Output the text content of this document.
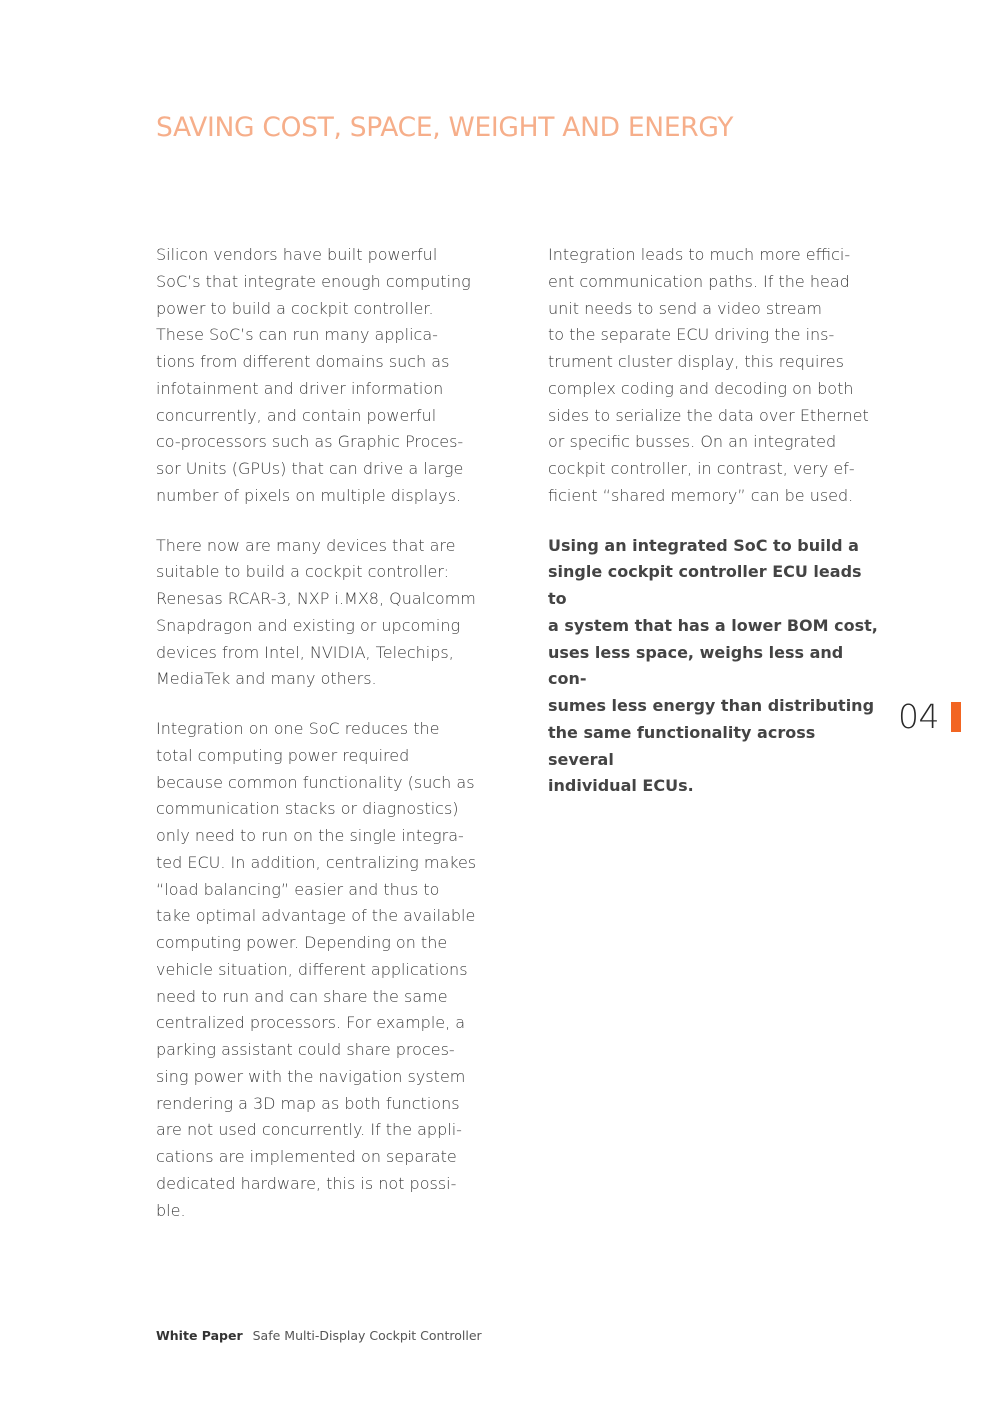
SAVING COST, SPACE, WEIGHT AND ENERGY

Silicon vendors have built powerful
SoC’s that integrate enough computing
power to build a cockpit controller.
These SoC’s can run many applica-
tions from different domains such as
infotainment and driver information
concurrently, and contain powerful
co-processors such as Graphic Proces-
sor Units (GPUs) that can drive a large
number of pixels on multiple displays.

There now are many devices that are
suitable to build a cockpit controller:
Renesas RCAR-3, NXP i.MX8, Qualcomm
Snapdragon and existing or upcoming
devices from Intel, NVIDIA, Telechips,
MediaTek and many others.

Integration on one SoC reduces the
total computing power required
because common functionality (such as
communication stacks or diagnostics)
only need to run on the single integra-
ted ECU. In addition, centralizing makes
“load balancing” easier and thus to
take optimal advantage of the available
computing power. Depending on the
vehicle situation, different applications
need to run and can share the same
centralized processors. For example, a
parking assistant could share proces-
sing power with the navigation system
rendering a 3D map as both functions
are not used concurrently. If the appli-
cations are implemented on separate
dedicated hardware, this is not possi-
ble.

Integration leads to much more effici-
ent communication paths. If the head
unit needs to send a video stream
to the separate ECU driving the ins-
trument cluster display, this requires
complex coding and decoding on both
sides to serialize the data over Ethernet
or specific busses. On an integrated
cockpit controller, in contrast, very ef-
ficient “shared memory” can be used.

Using an integrated SoC to build a
single cockpit controller ECU leads to
a system that has a lower BOM cost,
uses less space, weighs less and con-
sumes less energy than distributing
the same functionality across several
individual ECUs.

04
White Paper Safe Multi-Display Cockpit Controller
